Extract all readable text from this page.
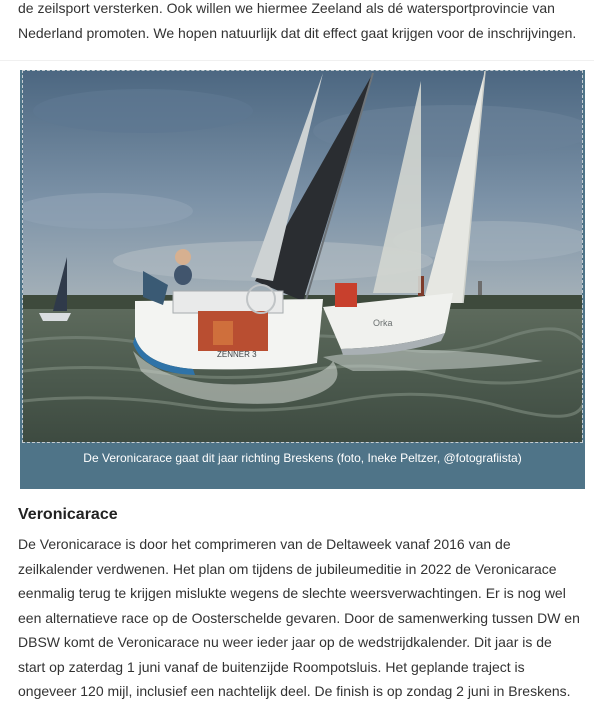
de zeilsport versterken. Ook willen we hiermee Zeeland als dé watersportprovincie van
Nederland promoten. We hopen natuurlijk dat dit effect gaat krijgen voor de inschrijvingen.
Orka
ZENNER 3
De Veronicarace gaat dit jaar richting Breskens (foto, Ineke Peltzer, @fotografiista)
Veronicarace
De Veronicarace is door het comprimeren van de Deltaweek vanaf 2016 van de
zeilkalender verdwenen. Het plan om tijdens de jubileumeditie in 2022 de Veronicarace
eenmalig terug te krijgen mislukte wegens de slechte weersverwachtingen. Er is nog wel
een alternatieve race op de Oosterschelde gevaren. Door de samenwerking tussen DW en
DBSW komt de Veronicarace nu weer ieder jaar op de wedstrijdkalender. Dit jaar is de
start op zaterdag 1 juni vanaf de buitenzijde Roompotsluis. Het geplande traject is
ongeveer 120 mijl, inclusief een nachtelijk deel. De finish is op zondag 2 juni in Breskens.
